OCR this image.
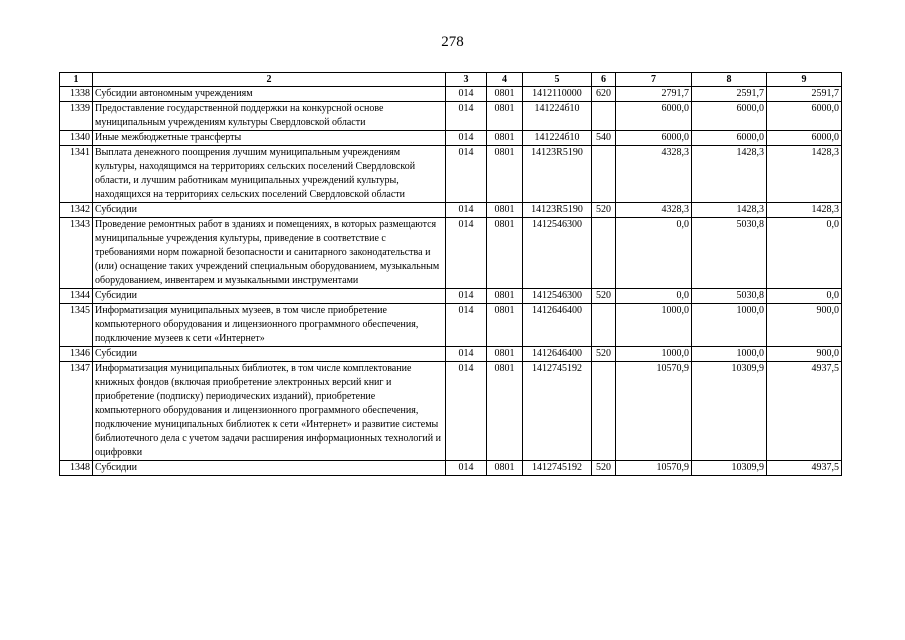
278
1	2	3	4	5	6	7	8	9
1338	Субсидии автономным учреждениям	014	0801	1412110000	620	2791,7	2591,7	2591,7
1339	Предоставление государственной поддержки на конкурсной основе муниципальным учреждениям культуры Свердловской области	014	0801	141224б10		6000,0	6000,0	6000,0
1340	Иные межбюджетные трансферты	014	0801	141224б10	540	6000,0	6000,0	6000,0
1341	Выплата денежного поощрения лучшим муниципальным учреждениям культуры, находящимся на территориях сельских поселений Свердловской области, и лучшим работникам муниципальных учреждений культуры, находящихся на территориях сельских поселений Свердловской области	014	0801	14123R5190		4328,3	1428,3	1428,3
1342	Субсидии	014	0801	14123R5190	520	4328,3	1428,3	1428,3
1343	Проведение ремонтных работ в зданиях и помещениях, в которых размещаются муниципальные учреждения культуры, приведение в соответствие с требованиями норм пожарной безопасности и санитарного законодательства и (или) оснащение таких учреждений специальным оборудованием, музыкальным оборудованием, инвентарем и музыкальными инструментами	014	0801	1412546300		0,0	5030,8	0,0
1344	Субсидии	014	0801	1412546300	520	0,0	5030,8	0,0
1345	Информатизация муниципальных музеев, в том числе приобретение компьютерного оборудования и лицензионного программного обеспечения, подключение музеев к сети «Интернет»	014	0801	1412646400		1000,0	1000,0	900,0
1346	Субсидии	014	0801	1412646400	520	1000,0	1000,0	900,0
1347	Информатизация муниципальных библиотек, в том числе комплектование книжных фондов (включая приобретение электронных версий книг и приобретение (подписку) периодических изданий), приобретение компьютерного оборудования и лицензионного программного обеспечения, подключение муниципальных библиотек к сети «Интернет» и развитие системы библиотечного дела с учетом задачи расширения информационных технологий и оцифровки	014	0801	1412745192		10570,9	10309,9	4937,5
1348	Субсидии	014	0801	1412745192	520	10570,9	10309,9	4937,5
